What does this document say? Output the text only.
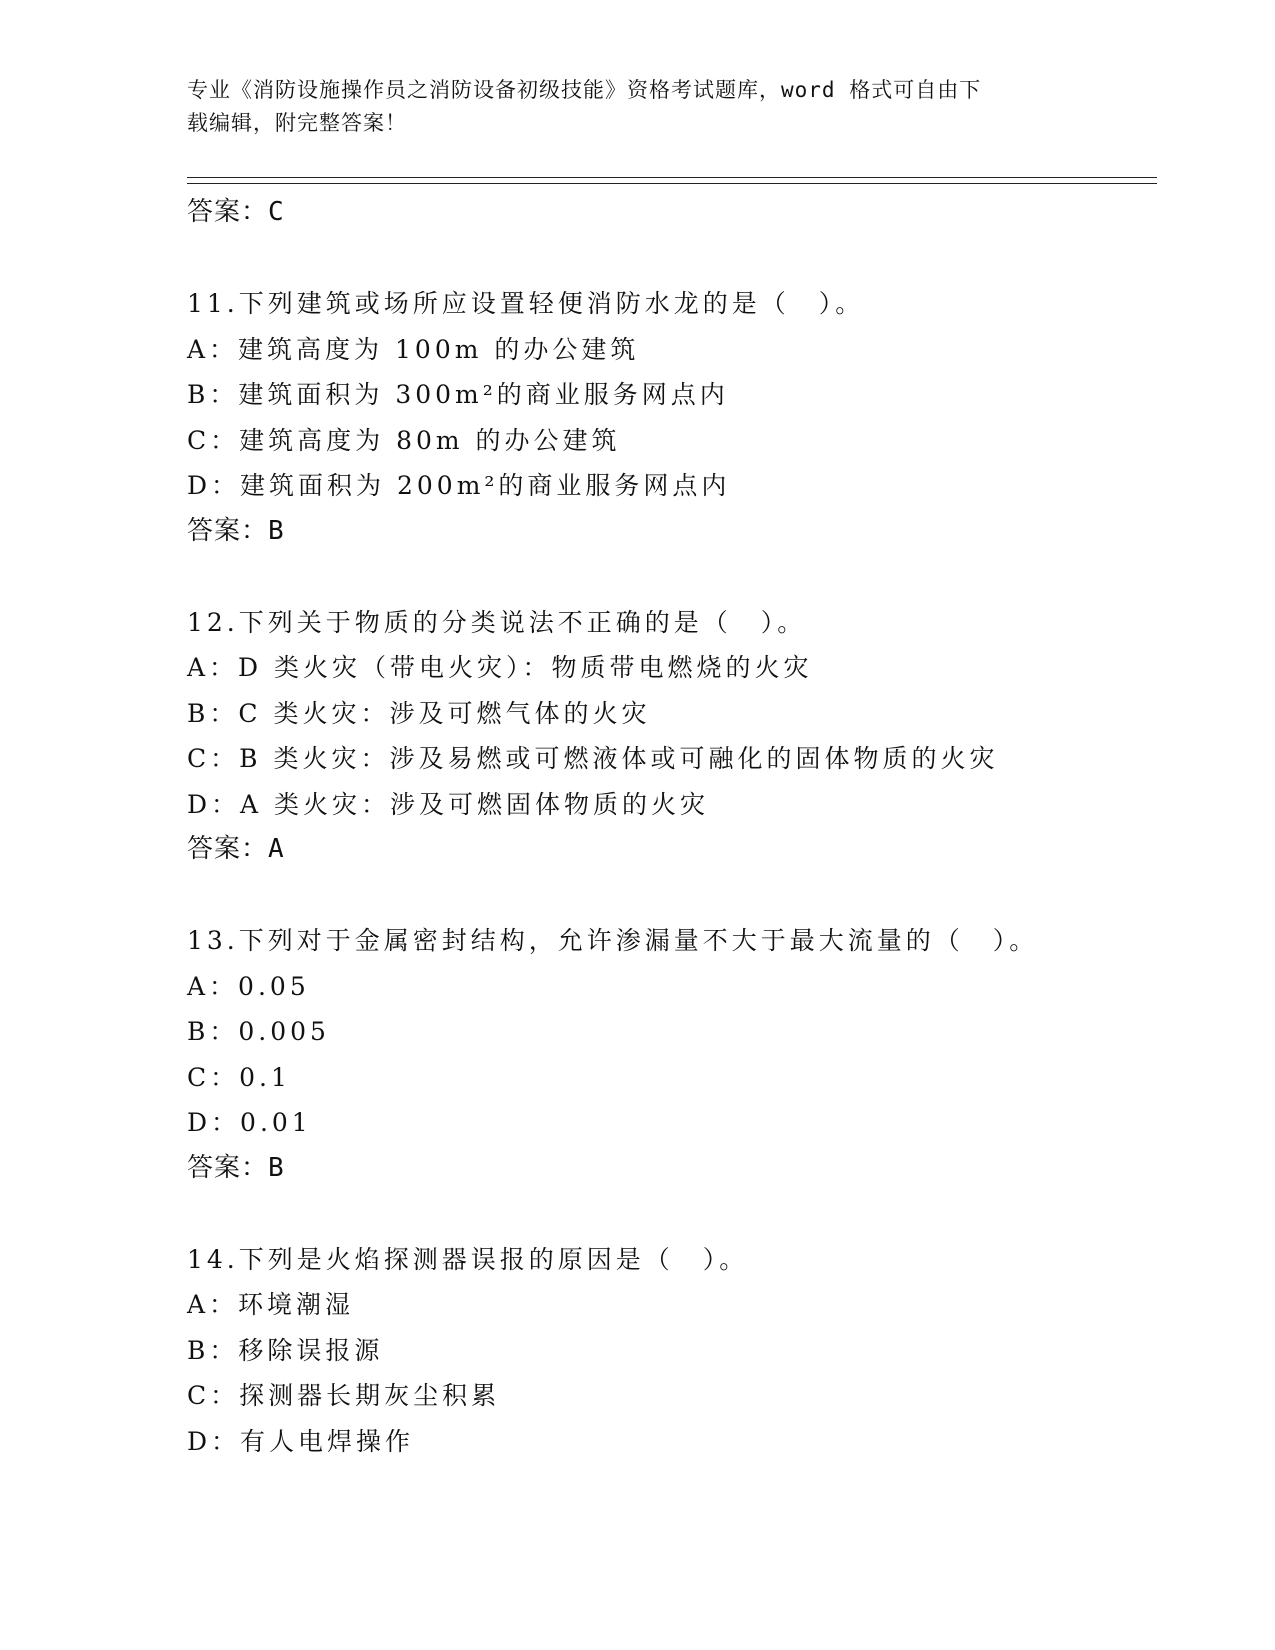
专业《消防设施操作员之消防设备初级技能》资格考试题库，word 格式可自由下
载编辑，附完整答案！
答案：C
11.下列建筑或场所应设置轻便消防水龙的是（　）。
A：建筑高度为 100m 的办公建筑
B：建筑面积为 300m²的商业服务网点内
C：建筑高度为 80m 的办公建筑
D：建筑面积为 200m²的商业服务网点内
答案：B
12.下列关于物质的分类说法不正确的是（　）。
A：D 类火灾（带电火灾）：物质带电燃烧的火灾
B：C 类火灾：涉及可燃气体的火灾
C：B 类火灾：涉及易燃或可燃液体或可融化的固体物质的火灾
D：A 类火灾：涉及可燃固体物质的火灾
答案：A
13.下列对于金属密封结构，允许渗漏量不大于最大流量的（　）。
A：0.05
B：0.005
C：0.1
D：0.01
答案：B
14.下列是火焰探测器误报的原因是（　）。
A：环境潮湿
B：移除误报源
C：探测器长期灰尘积累
D：有人电焊操作
